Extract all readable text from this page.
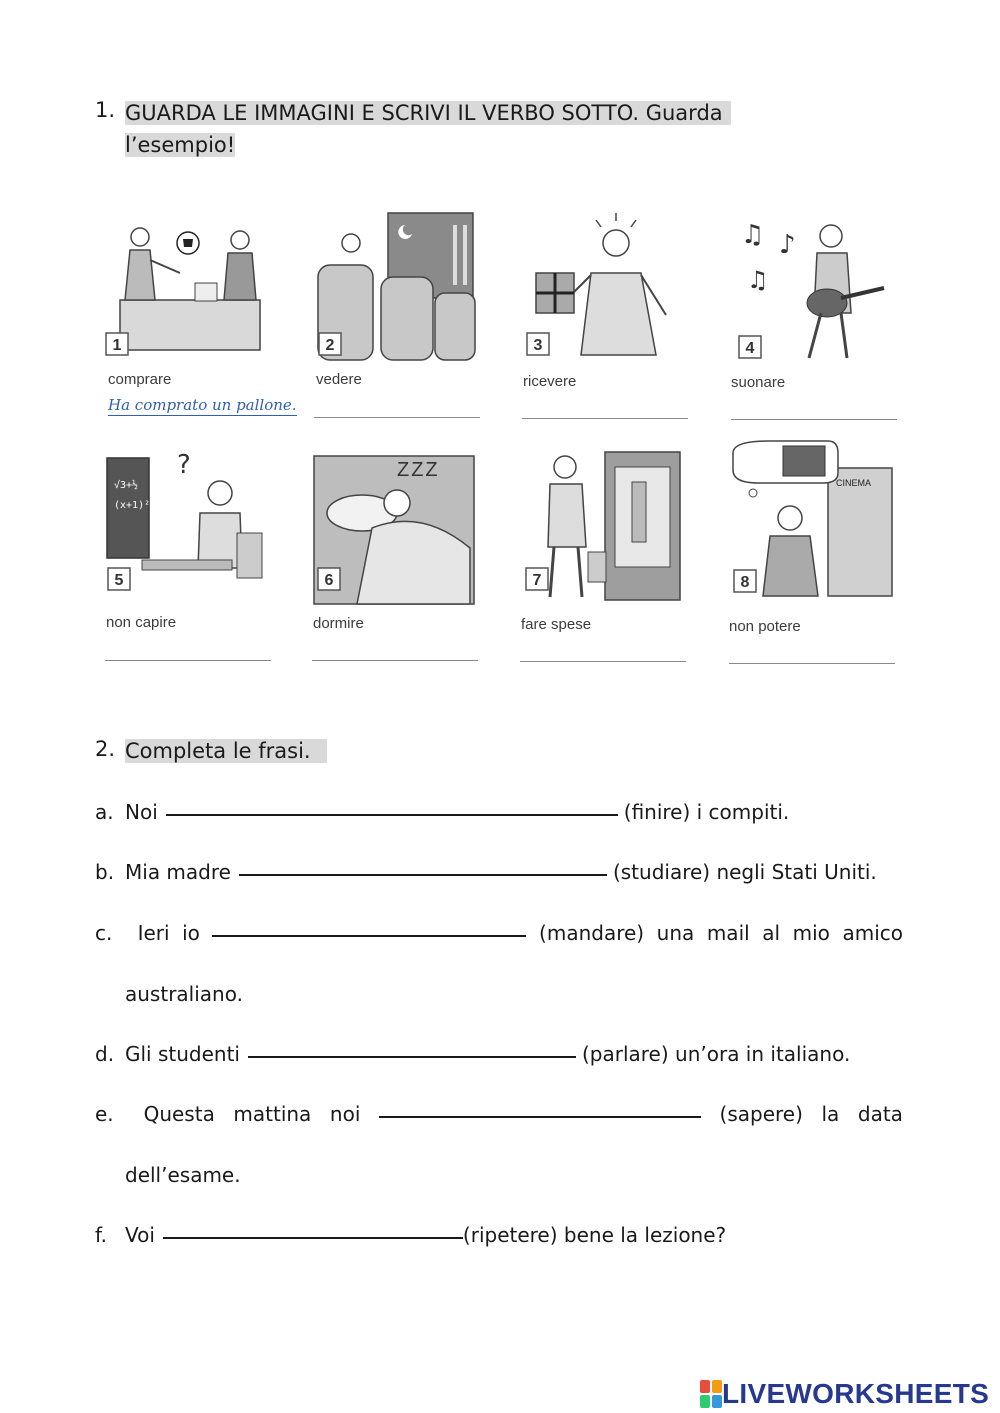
1. GUARDA LE IMMAGINI E SCRIVI IL VERBO SOTTO. Guarda
l’esempio!
1
comprare
Ha comprato un pallone.
2
vedere
3
ricevere
♫ ♪
♫
4
suonare
√3+½
(x+1)²
?
5
non capire
ZZZ
6
dormire
7
fare spese
CINEMA
8
non potere
2. Completa le frasi.
a. Noi	(finire) i compiti.
b. Mia madre	(studiare) negli Stati Uniti.
c.	Ieri io	(mandare) una mail al mio amico
australiano.
d. Gli studenti	(parlare) un’ora in italiano.
e.	Questa mattina noi	(sapere) la data
dell’esame.
f. Voi	(ripetere) bene la lezione?
LIVEWORKSHEETS
